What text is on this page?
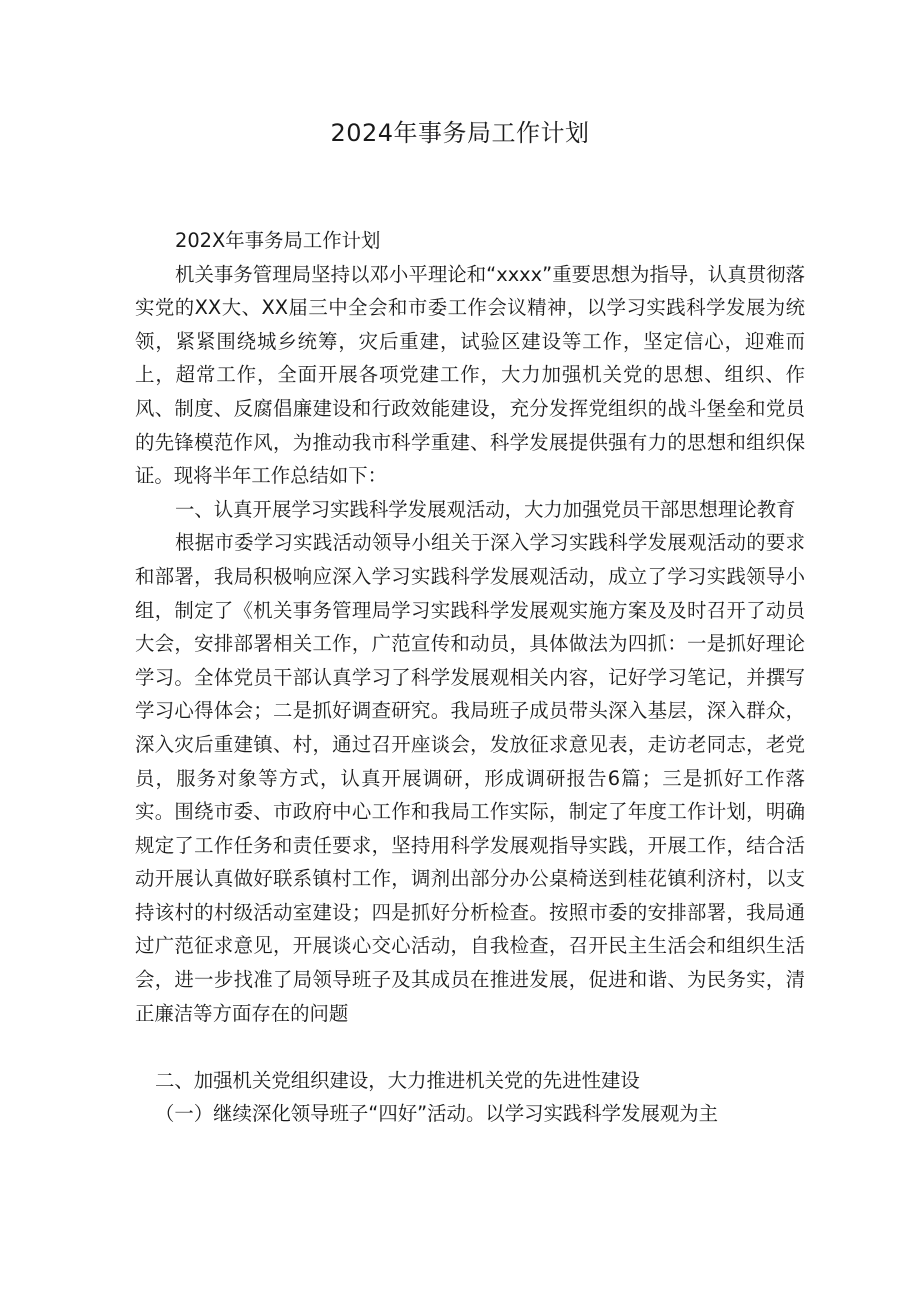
2024年事务局工作计划

202X年事务局工作计划

机关事务管理局坚持以邓小平理论和“xxxx”重要思想为指导，认真贯彻落实党的XX大、XX届三中全会和市委工作会议精神，以学习实践科学发展为统领，紧紧围绕城乡统筹，灾后重建，试验区建设等工作，坚定信心，迎难而上，超常工作，全面开展各项党建工作，大力加强机关党的思想、组织、作风、制度、反腐倡廉建设和行政效能建设，充分发挥党组织的战斗堡垒和党员的先锋模范作风，为推动我市科学重建、科学发展提供强有力的思想和组织保证。现将半年工作总结如下：

一、认真开展学习实践科学发展观活动，大力加强党员干部思想理论教育

根据市委学习实践活动领导小组关于深入学习实践科学发展观活动的要求和部署，我局积极响应深入学习实践科学发展观活动，成立了学习实践领导小组，制定了《机关事务管理局学习实践科学发展观实施方案及及时召开了动员大会，安排部署相关工作，广范宣传和动员，具体做法为四抓：一是抓好理论学习。全体党员干部认真学习了科学发展观相关内容，记好学习笔记，并撰写学习心得体会；二是抓好调查研究。我局班子成员带头深入基层，深入群众，深入灾后重建镇、村，通过召开座谈会，发放征求意见表，走访老同志，老党员，服务对象等方式，认真开展调研，形成调研报告6篇；三是抓好工作落实。围绕市委、市政府中心工作和我局工作实际，制定了年度工作计划，明确规定了工作任务和责任要求，坚持用科学发展观指导实践，开展工作，结合活动开展认真做好联系镇村工作，调剂出部分办公桌椅送到桂花镇利济村，以支持该村的村级活动室建设；四是抓好分析检查。按照市委的安排部署，我局通过广范征求意见，开展谈心交心活动，自我检查，召开民主生活会和组织生活会，进一步找准了局领导班子及其成员在推进发展，促进和谐、为民务实，清正廉洁等方面存在的问题

二、加强机关党组织建设，大力推进机关党的先进性建设

（一）继续深化领导班子“四好”活动。以学习实践科学发展观为主
